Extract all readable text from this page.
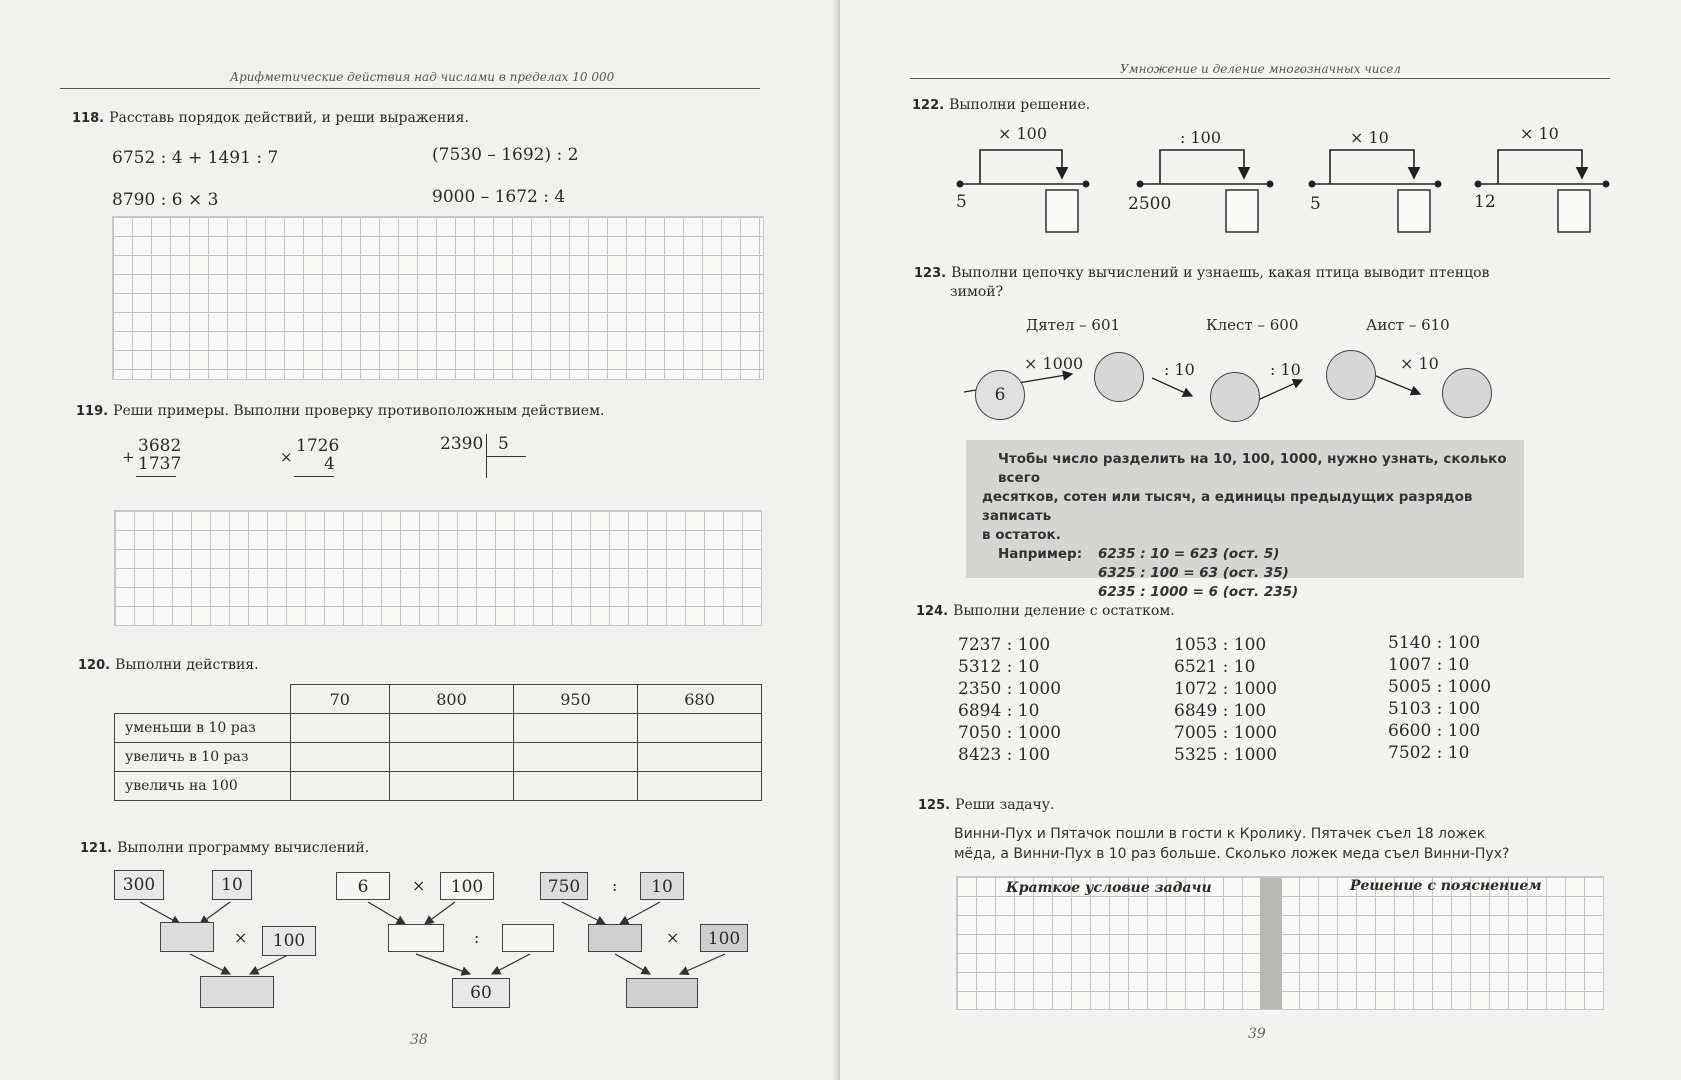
Арифметические действия над числами в пределах 10 000
118. Расставь порядок действий, и реши выражения.
6752 : 4 + 1491 : 7	(7530 – 1692) : 2
8790 : 6 × 3	9000 – 1672 : 4
119. Реши примеры. Выполни проверку противоположным действием.
3682
+ 1737
1726
× 4
2390 5
120. Выполни действия.
	70	800	950	680
уменьши в 10 раз				
увеличь в 10 раз				
увеличь на 100				
121. Выполни программу вычислений.
300	10
×	100
6	×	100
:
60
750	:	10
×	100
38
Умножение и деление многозначных чисел
122. Выполни решение.
× 100
5
: 100
2500
× 10
5
× 10
12
123. Выполни цепочку вычислений и узнаешь, какая птица выводит птенцов
зимой?
Дятел – 601	Клест – 600	Аист – 610
6
× 1000	: 10	: 10	× 10
Чтобы число разделить на 10, 100, 1000, нужно узнать, сколько всего
десятков, сотен или тысяч, а единицы предыдущих разрядов записать
в остаток.
Например:	6235 : 10 = 623 (ост. 5)
6325 : 100 = 63 (ост. 35)
6235 : 1000 = 6 (ост. 235)
124. Выполни деление с остатком.
7237 : 100
5312 : 10
2350 : 1000
6894 : 10
7050 : 1000
8423 : 100
1053 : 100
6521 : 10
1072 : 1000
6849 : 100
7005 : 1000
5325 : 1000
5140 : 100
1007 : 10
5005 : 1000
5103 : 100
6600 : 100
7502 : 10
125. Реши задачу.
Винни-Пух и Пятачок пошли в гости к Кролику. Пятачек съел 18 ложек
мёда, а Винни-Пух в 10 раз больше. Сколько ложек меда съел Винни-Пух?
Краткое условие задачи	Решение с пояснением
39
